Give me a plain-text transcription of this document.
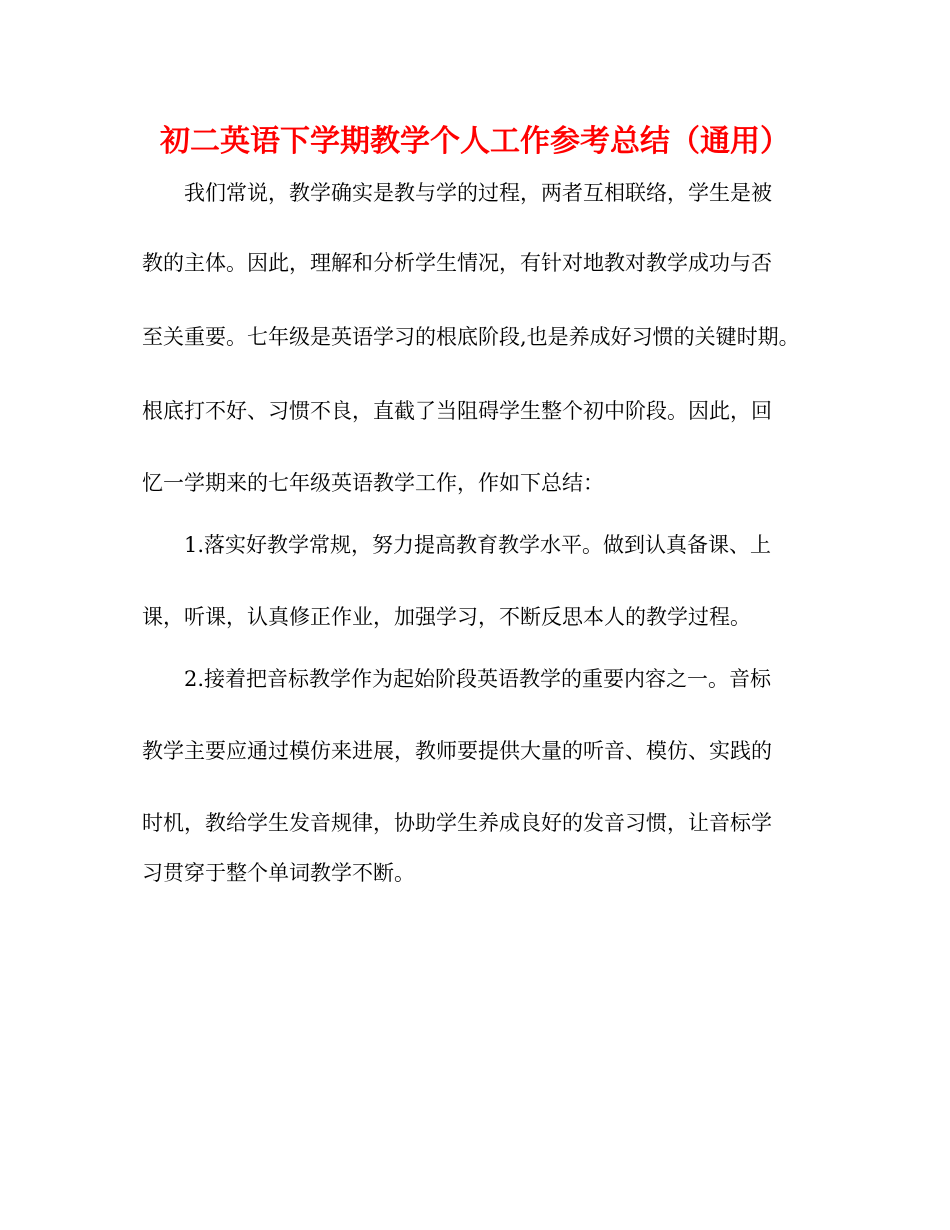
初二英语下学期教学个人工作参考总结（通用）

我们常说，教学确实是教与学的过程，两者互相联络，学生是被

教的主体。因此，理解和分析学生情况，有针对地教对教学成功与否

至关重要。七年级是英语学习的根底阶段,也是养成好习惯的关键时期。

根底打不好、习惯不良，直截了当阻碍学生整个初中阶段。因此，回

忆一学期来的七年级英语教学工作，作如下总结：

1.落实好教学常规，努力提高教育教学水平。做到认真备课、上

课，听课，认真修正作业，加强学习，不断反思本人的教学过程。

2.接着把音标教学作为起始阶段英语教学的重要内容之一。音标

教学主要应通过模仿来进展，教师要提供大量的听音、模仿、实践的

时机，教给学生发音规律，协助学生养成良好的发音习惯，让音标学

习贯穿于整个单词教学不断。
